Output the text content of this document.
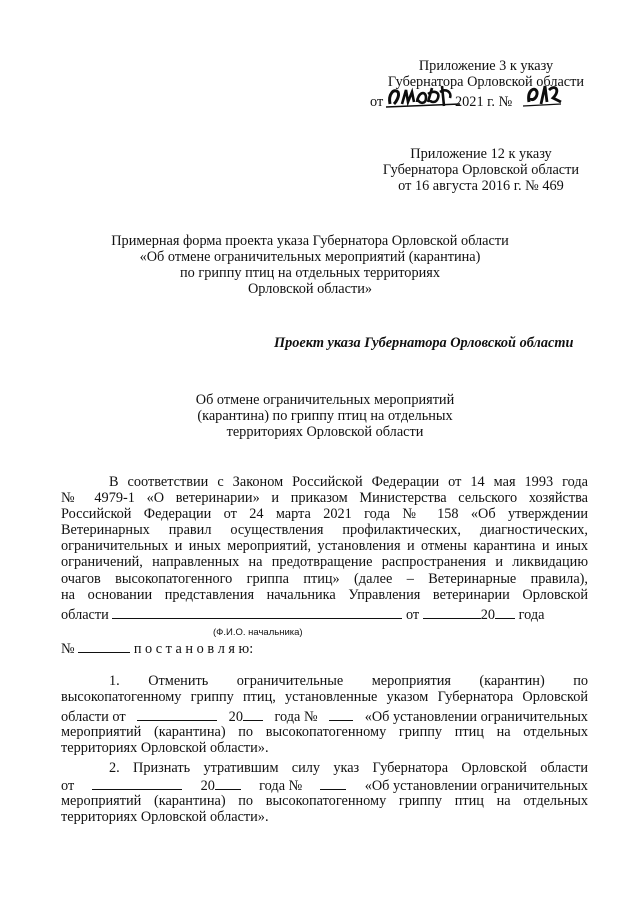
Приложение 3 к указу
Губернатора Орловской области
от	2021 г. №
Приложение 12 к указу
Губернатора Орловской области
от 16 августа 2016 г. № 469
Примерная форма проекта указа Губернатора Орловской области
«Об отмене ограничительных мероприятий (карантина)
по гриппу птиц на отдельных территориях
Орловской области»
Проект указа Губернатора Орловской области
Об отмене ограничительных мероприятий
(карантина) по гриппу птиц на отдельных
территориях Орловской области
В соответствии с Законом Российской Федерации от 14 мая 1993 года
№ 4979-1 «О ветеринарии» и приказом Министерства сельского хозяйства
Российской Федерации от 24 марта 2021 года № 158 «Об утверждении
Ветеринарных правил осуществления профилактических, диагностических,
ограничительных и иных мероприятий, установления и отмены карантина и иных
ограничений, направленных на предотвращение распространения и ликвидацию
очагов высокопатогенного гриппа птиц» (далее – Ветеринарные правила),
на основании представления начальника Управления ветеринарии Орловской
области	от	20 года
(Ф.И.О. начальника)
№	п о с т а н о в л я ю:
1. Отменить ограничительные мероприятия (карантин) по
высокопатогенному гриппу птиц, установленные указом Губернатора Орловской
области от	20	года №	«Об установлении ограничительных
мероприятий (карантина) по высокопатогенному гриппу птиц на отдельных
территориях Орловской области».
2. Признать утратившим силу указ Губернатора Орловской области
от	20	года №	«Об установлении ограничительных
мероприятий (карантина) по высокопатогенному гриппу птиц на отдельных
территориях Орловской области».
